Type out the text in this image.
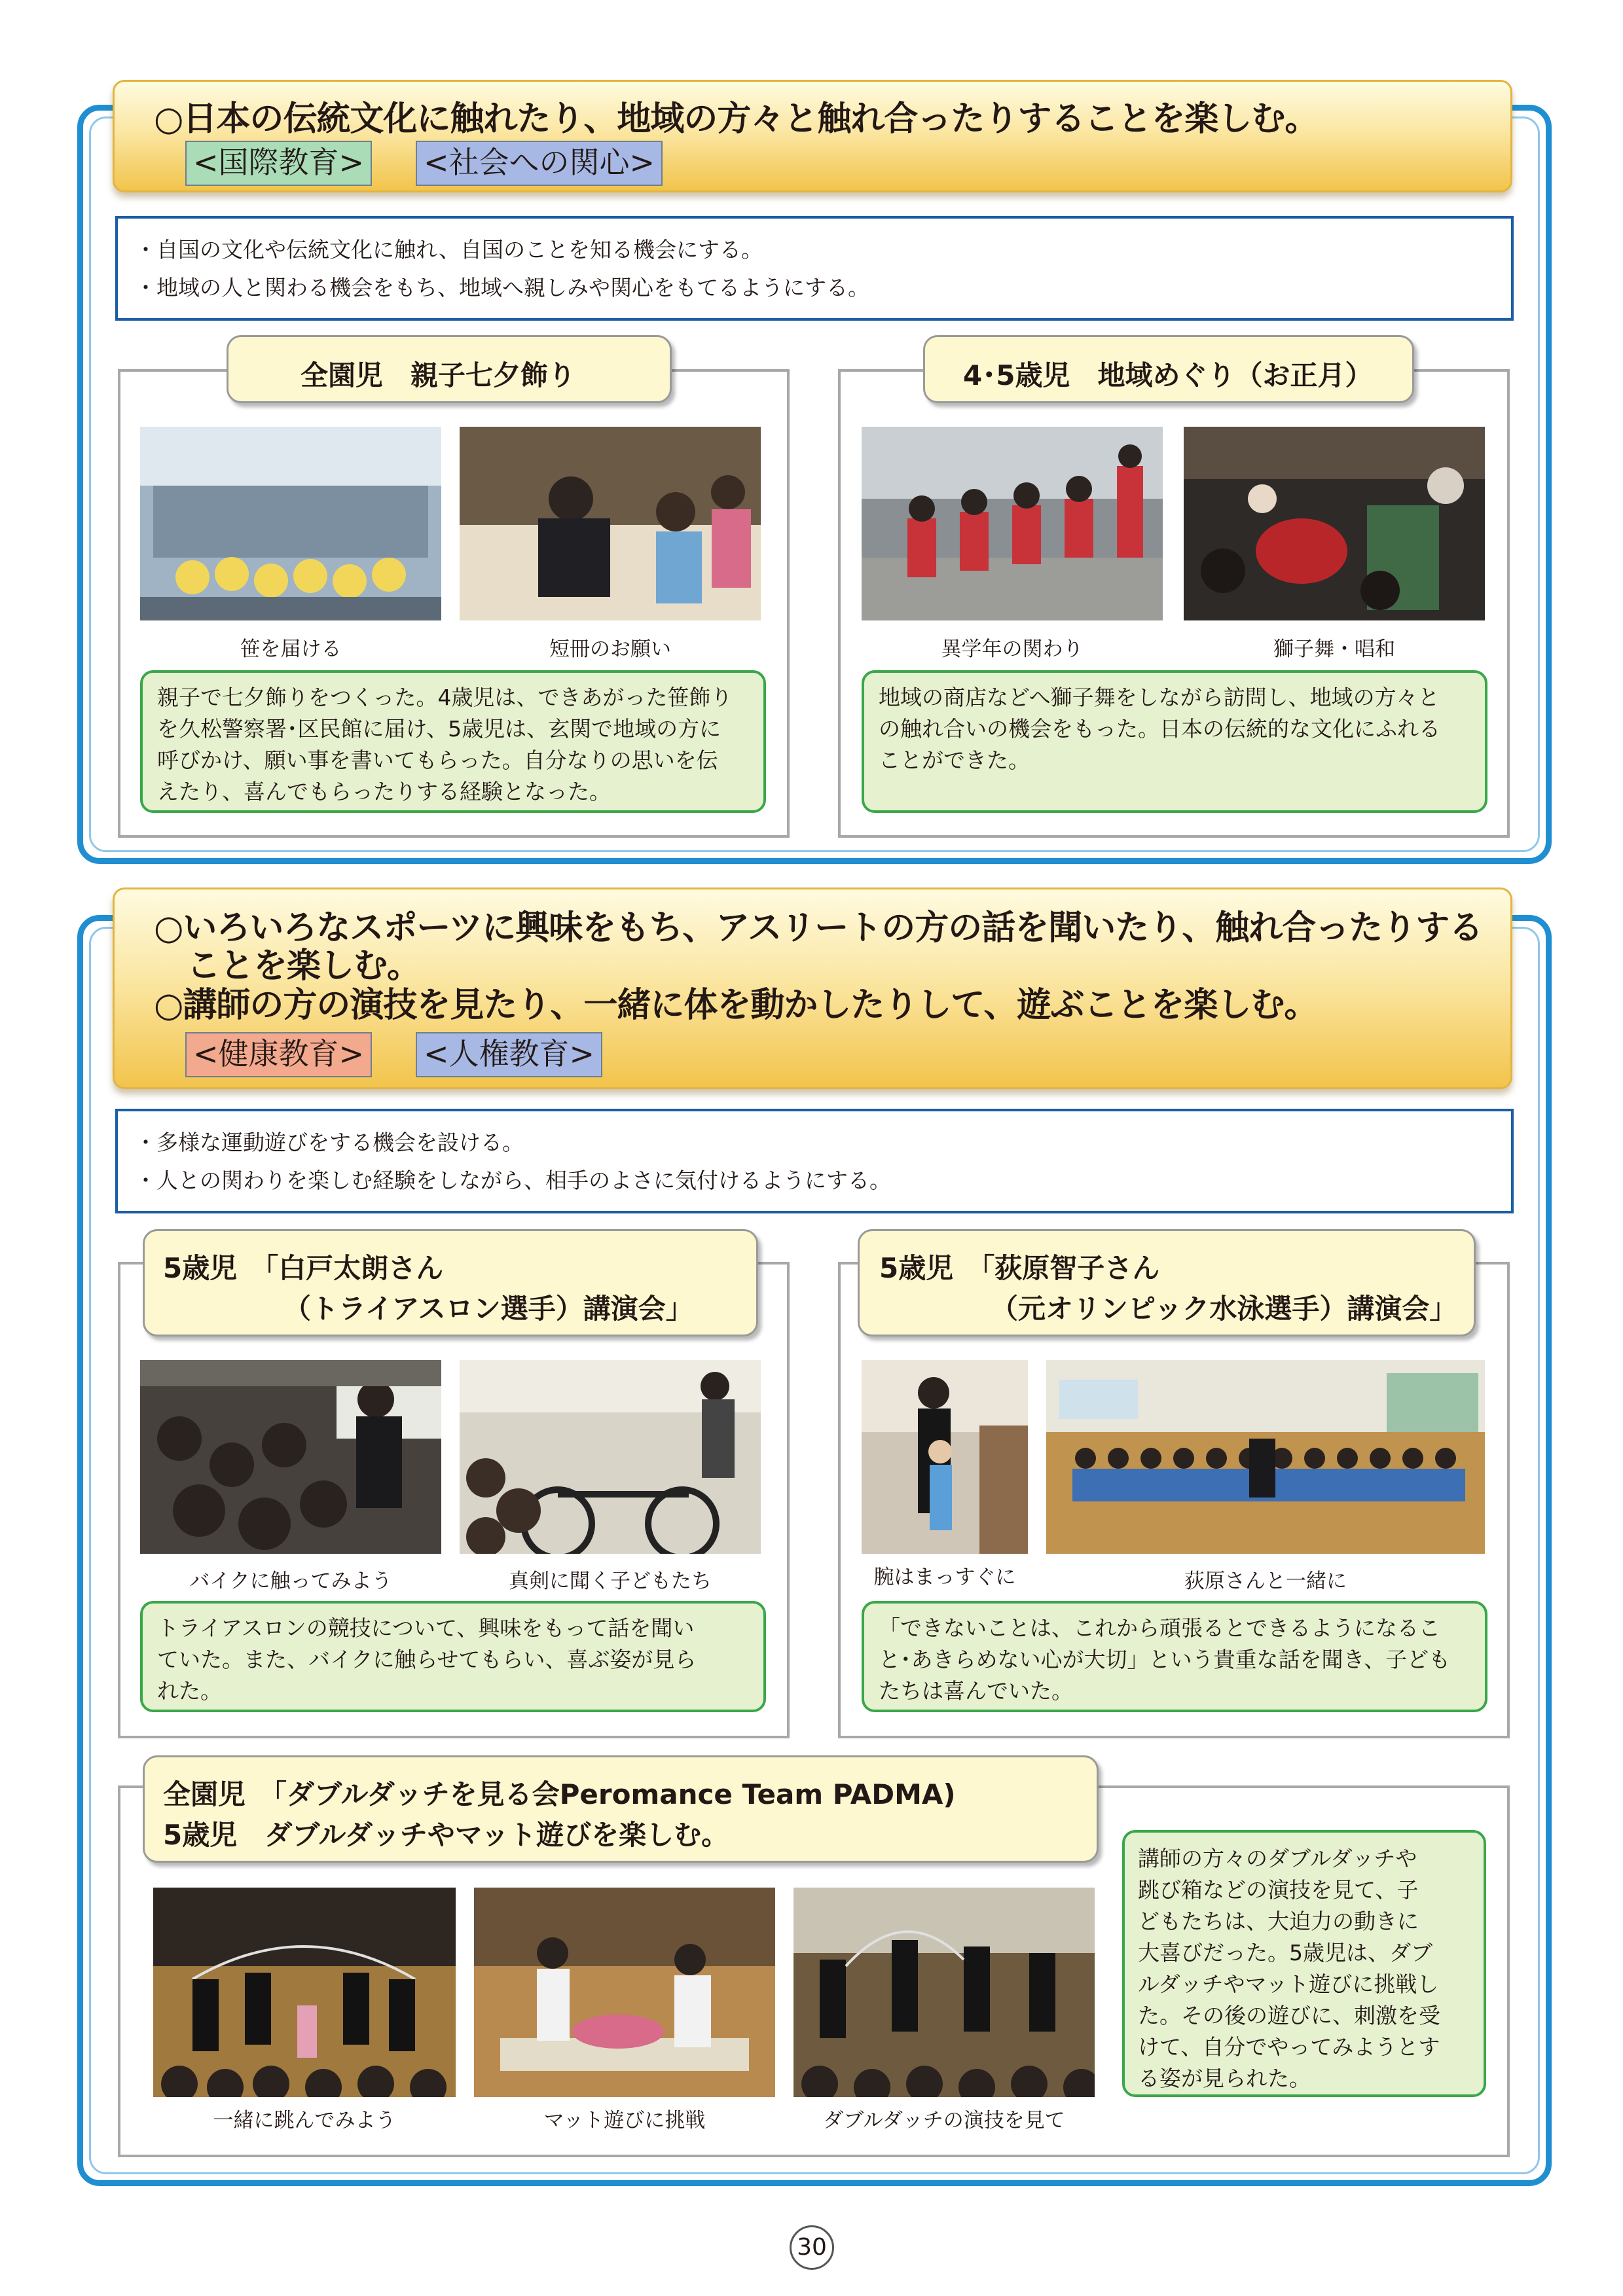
○日本の伝統文化に触れたり、地域の方々と触れ合ったりすることを楽しむ。
<国際教育> <社会への関心>
・自国の文化や伝統文化に触れ、自国のことを知る機会にする。
・地域の人と関わる機会をもち、地域へ親しみや関心をもてるようにする。
全園児　親子七夕飾り
笹を届ける	短冊のお願い
親子で七夕飾りをつくった。4歳児は、できあがった笹飾り
を久松警察署･区民館に届け、5歳児は、玄関で地域の方に
呼びかけ、願い事を書いてもらった。自分なりの思いを伝
えたり、喜んでもらったりする経験となった。
4･5歳児　地域めぐり（お正月）
異学年の関わり	獅子舞・唱和
地域の商店などへ獅子舞をしながら訪問し、地域の方々と
の触れ合いの機会をもった。日本の伝統的な文化にふれる
ことができた。
○いろいろなスポーツに興味をもち、アスリートの方の話を聞いたり、触れ合ったりする
ことを楽しむ。
○講師の方の演技を見たり、一緒に体を動かしたりして、遊ぶことを楽しむ。
<健康教育> <人権教育>
・多様な運動遊びをする機会を設ける。
・人との関わりを楽しむ経験をしながら、相手のよさに気付けるようにする。
5歳児　「白戸太朗さん
（トライアスロン選手）講演会」
バイクに触ってみよう	真剣に聞く子どもたち
トライアスロンの競技について、興味をもって話を聞い
ていた。また、バイクに触らせてもらい、喜ぶ姿が見ら
れた。
5歳児　「荻原智子さん
（元オリンピック水泳選手）講演会」
腕はまっすぐに	荻原さんと一緒に
「できないことは、これから頑張るとできるようになるこ
と･あきらめない心が大切」という貴重な話を聞き、子ども
たちは喜んでいた。
全園児　「ダブルダッチを見る会Peromance Team PADMA)
5歳児　ダブルダッチやマット遊びを楽しむ。
一緒に跳んでみよう	マット遊びに挑戦	ダブルダッチの演技を見て
講師の方々のダブルダッチや
跳び箱などの演技を見て、子
どもたちは、大迫力の動きに
大喜びだった。5歳児は、ダブ
ルダッチやマット遊びに挑戦し
た。その後の遊びに、刺激を受
けて、自分でやってみようとす
る姿が見られた。
30
